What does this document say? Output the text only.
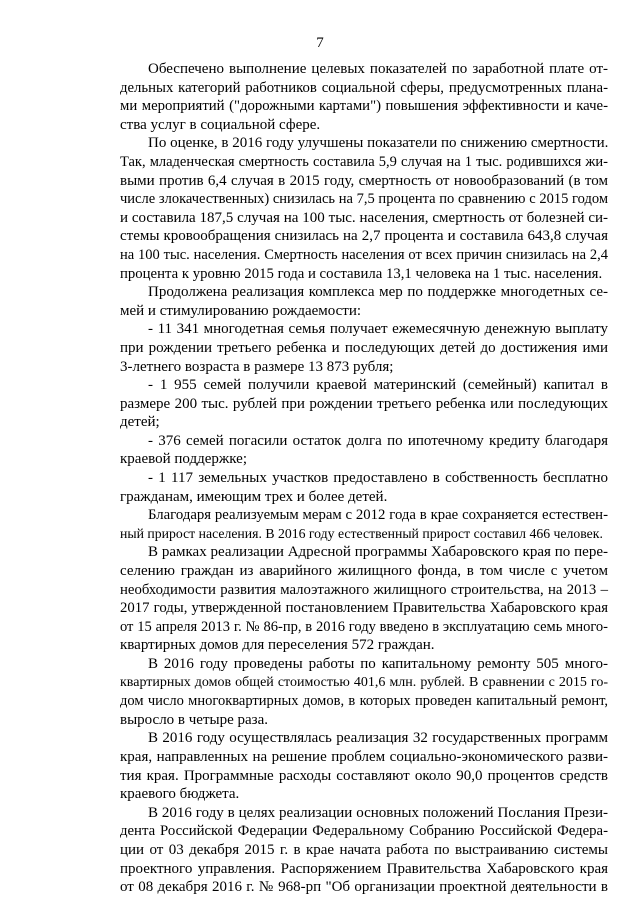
7
Обеспечено выполнение целевых показателей по заработной плате от-
дельных категорий работников социальной сферы, предусмотренных плана-
ми мероприятий ("дорожными картами") повышения эффективности и каче-
ства услуг в социальной сфере.
По оценке, в 2016 году улучшены показатели по снижению смертности.
Так, младенческая смертность составила 5,9 случая на 1 тыс. родившихся жи-
выми против 6,4 случая в 2015 году, смертность от новообразований (в том
числе злокачественных) снизилась на 7,5 процента по сравнению с 2015 годом
и составила 187,5 случая на 100 тыс. населения, смертность от болезней си-
стемы кровообращения снизилась на 2,7 процента и составила 643,8 случая
на 100 тыс. населения. Смертность населения от всех причин снизилась на 2,4
процента к уровню 2015 года и составила 13,1 человека на 1 тыс. населения.
Продолжена реализация комплекса мер по поддержке многодетных се-
мей и стимулированию рождаемости:
- 11 341 многодетная семья получает ежемесячную денежную выплату
при рождении третьего ребенка и последующих детей до достижения ими
3-летнего возраста в размере 13 873 рубля;
- 1 955 семей получили краевой материнский (семейный) капитал в
размере 200 тыс. рублей при рождении третьего ребенка или последующих
детей;
- 376 семей погасили остаток долга по ипотечному кредиту благодаря
краевой поддержке;
- 1 117 земельных участков предоставлено в собственность бесплатно
гражданам, имеющим трех и более детей.
Благодаря реализуемым мерам с 2012 года в крае сохраняется естествен-
ный прирост населения. В 2016 году естественный прирост составил 466 человек.
В рамках реализации Адресной программы Хабаровского края по пере-
селению граждан из аварийного жилищного фонда, в том числе с учетом
необходимости развития малоэтажного жилищного строительства, на 2013 –
2017 годы, утвержденной постановлением Правительства Хабаровского края
от 15 апреля 2013 г. № 86-пр, в 2016 году введено в эксплуатацию семь много-
квартирных домов для переселения 572 граждан.
В 2016 году проведены работы по капитальному ремонту 505 много-
квартирных домов общей стоимостью 401,6 млн. рублей. В сравнении с 2015 го-
дом число многоквартирных домов, в которых проведен капитальный ремонт,
выросло в четыре раза.
В 2016 году осуществлялась реализация 32 государственных программ
края, направленных на решение проблем социально-экономического разви-
тия края. Программные расходы составляют около 90,0 процентов средств
краевого бюджета.
В 2016 году в целях реализации основных положений Послания Прези-
дента Российской Федерации Федеральному Собранию Российской Федера-
ции от 03 декабря 2015 г. в крае начата работа по выстраиванию системы
проектного управления. Распоряжением Правительства Хабаровского края
от 08 декабря 2016 г. № 968-рп "Об организации проектной деятельности в
